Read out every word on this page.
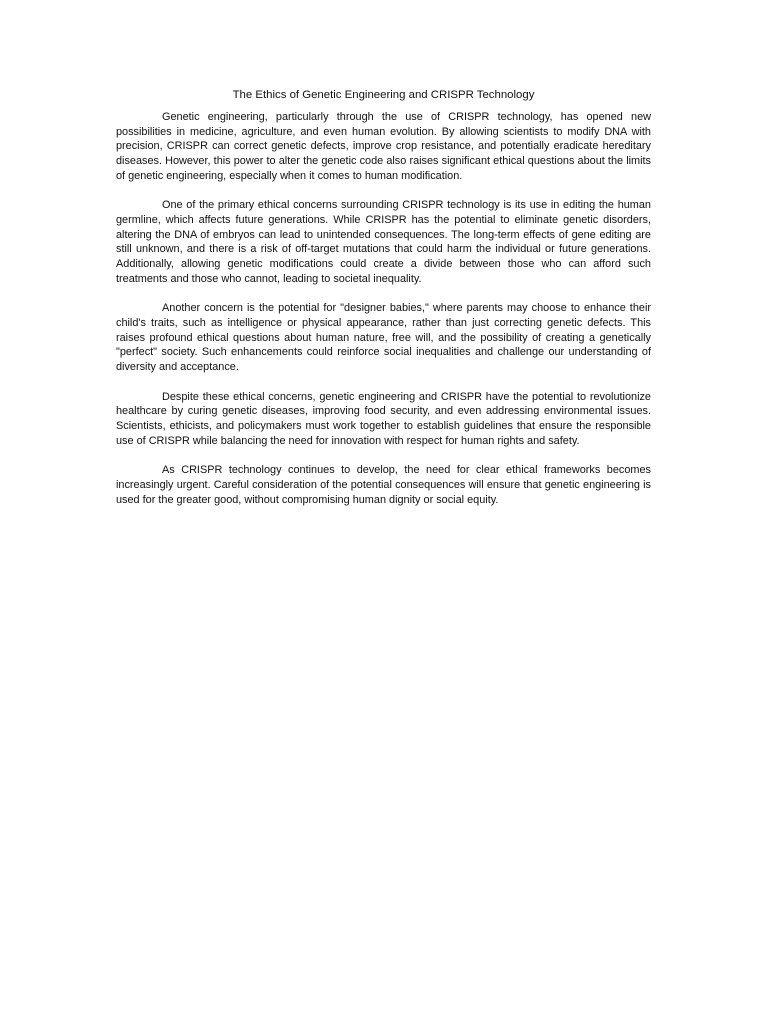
The Ethics of Genetic Engineering and CRISPR Technology

Genetic engineering, particularly through the use of CRISPR technology, has opened new possibilities in medicine, agriculture, and even human evolution. By allowing scientists to modify DNA with precision, CRISPR can correct genetic defects, improve crop resistance, and potentially eradicate hereditary diseases. However, this power to alter the genetic code also raises significant ethical questions about the limits of genetic engineering, especially when it comes to human modification.

One of the primary ethical concerns surrounding CRISPR technology is its use in editing the human germline, which affects future generations. While CRISPR has the potential to eliminate genetic disorders, altering the DNA of embryos can lead to unintended consequences. The long-term effects of gene editing are still unknown, and there is a risk of off-target mutations that could harm the individual or future generations. Additionally, allowing genetic modifications could create a divide between those who can afford such treatments and those who cannot, leading to societal inequality.

Another concern is the potential for "designer babies," where parents may choose to enhance their child's traits, such as intelligence or physical appearance, rather than just correcting genetic defects. This raises profound ethical questions about human nature, free will, and the possibility of creating a genetically "perfect" society. Such enhancements could reinforce social inequalities and challenge our understanding of diversity and acceptance.

Despite these ethical concerns, genetic engineering and CRISPR have the potential to revolutionize healthcare by curing genetic diseases, improving food security, and even addressing environmental issues. Scientists, ethicists, and policymakers must work together to establish guidelines that ensure the responsible use of CRISPR while balancing the need for innovation with respect for human rights and safety.

As CRISPR technology continues to develop, the need for clear ethical frameworks becomes increasingly urgent. Careful consideration of the potential consequences will ensure that genetic engineering is used for the greater good, without compromising human dignity or social equity.
